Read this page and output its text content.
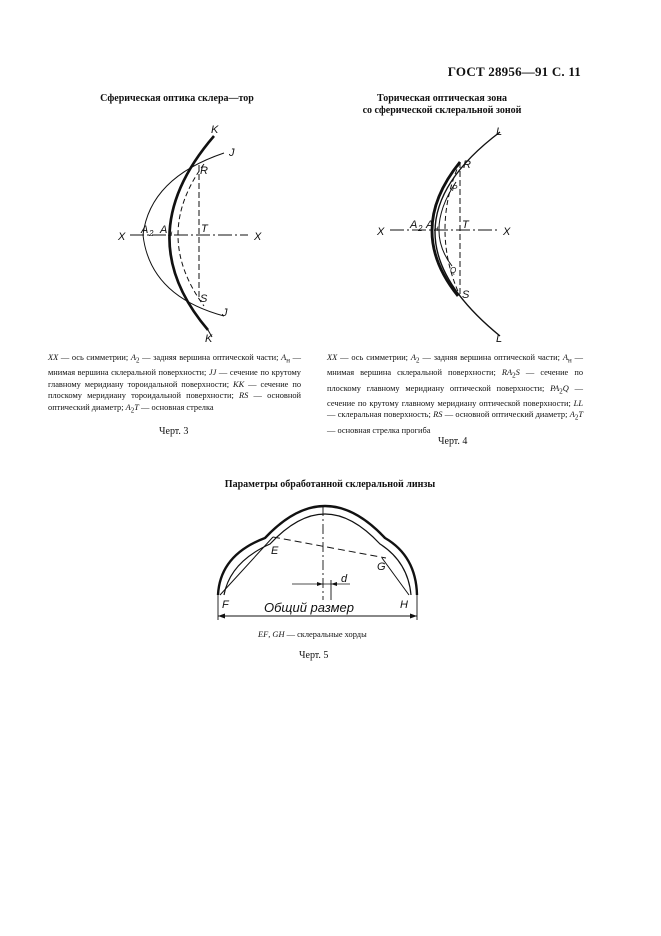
ГОСТ 28956—91 С. 11
Сферическая оптика склера—тор
K
J
R
X	X
A 2 A н	T
S
J
K
XX — ось симметрии; $A_2$ — задняя вершина оптической части; $A_н$ — мнимая вершина склеральной поверхности; JJ — сечение по крутому главному меридиану тороидальной поверхности; KK — сечение по плоскому меридиану тороидальной поверхности; RS — основной оптический диаметр; $A_2T$ — основная стрелка
Черт. 3
Торическая оптическая зона
со сферической склеральной зоной
L
R
P
X	X
A 2 A н T
Q
S
L
XX — ось симметрии; $A_2$ — задняя вершина оптической части; $A_н$ — мнимая вершина склеральной поверхности; $RA_2S$ — сечение по плоскому главному меридиану оптической поверхности; $PA_2Q$ — сечение по крутому главному меридиану оптической поверхности; LL — склеральная поверхность; RS — основной оптический диаметр; $A_2T$ — основная стрелка прогиба
Черт. 4
Параметры обработанной склеральной линзы
d
Общий размер
E
G
F	H
EF, GH — склеральные хорды
Черт. 5
